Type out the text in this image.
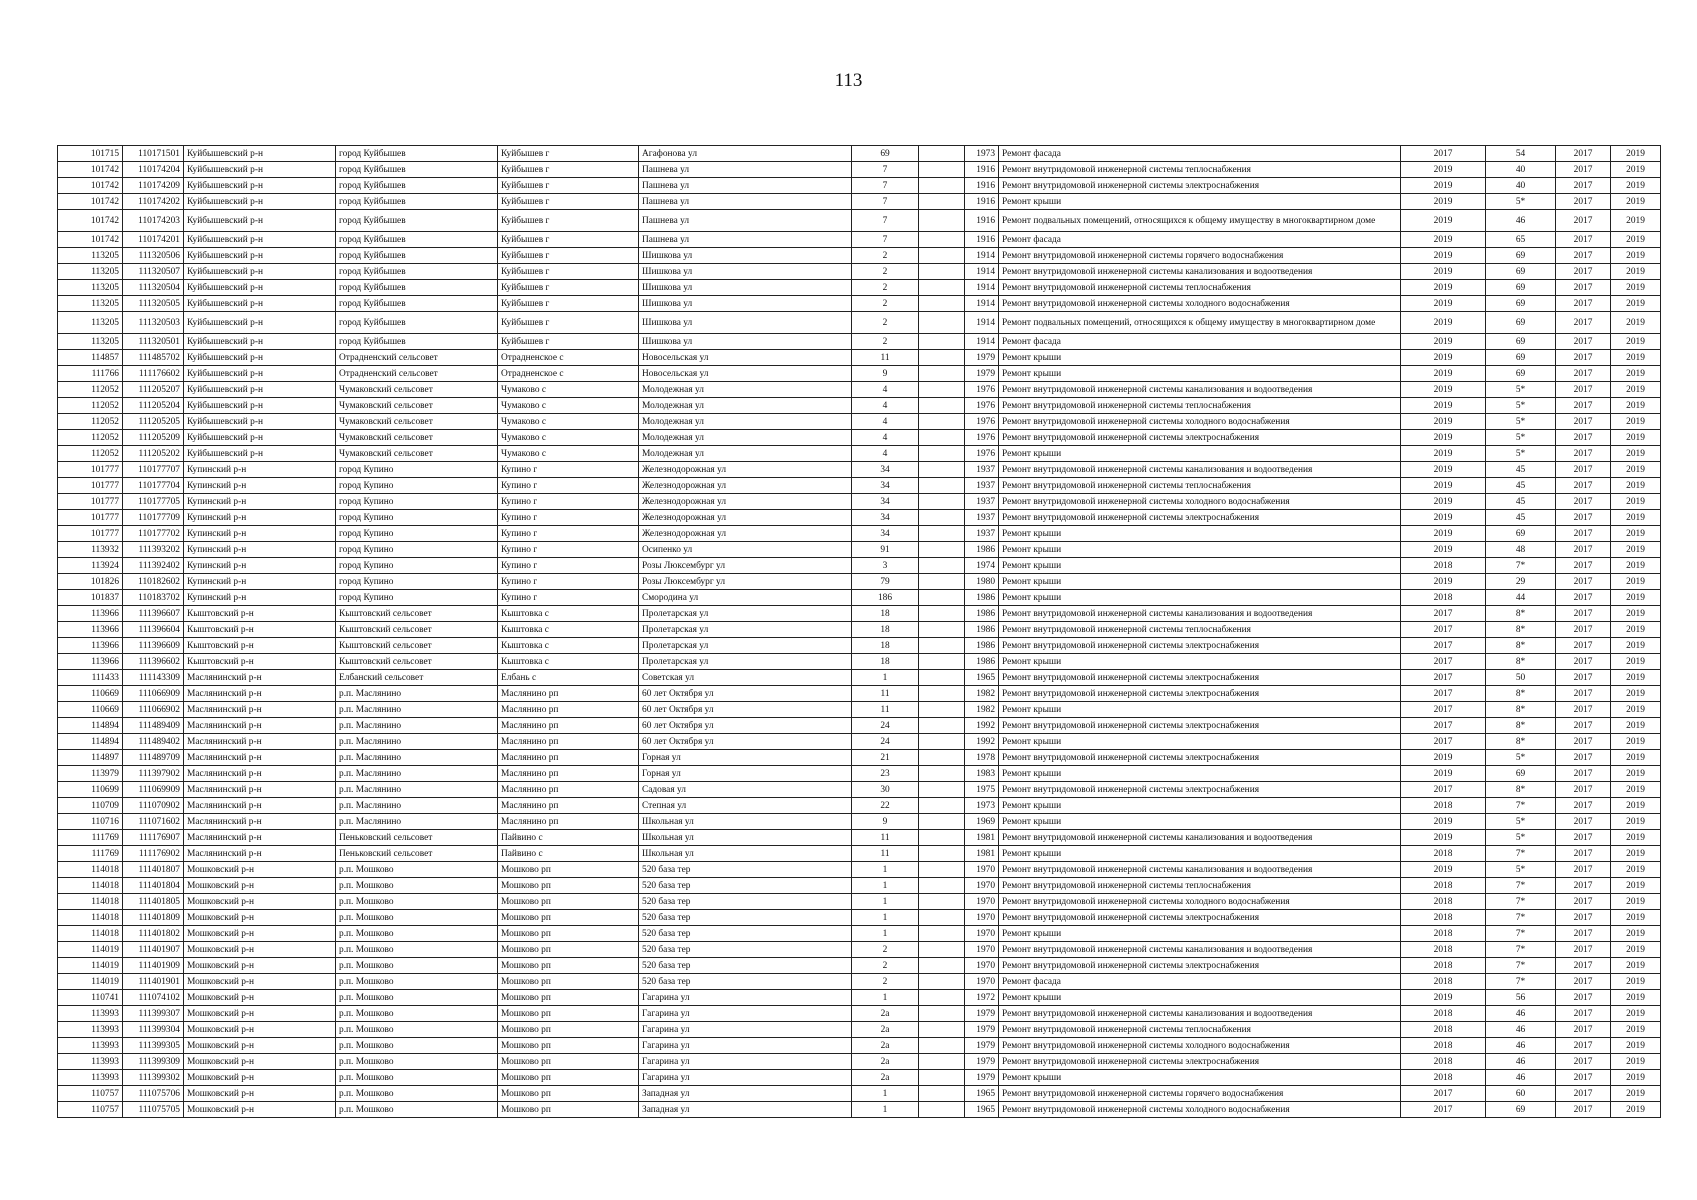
113
101715	110171501	Куйбышевский р-н	город Куйбышев	Куйбышев г	Агафонова ул	69		1973	Ремонт фасада	2017	54	2017	2019
101742	110174204	Куйбышевский р-н	город Куйбышев	Куйбышев г	Пашнева ул	7		1916	Ремонт внутридомовой инженерной системы теплоснабжения	2019	40	2017	2019
101742	110174209	Куйбышевский р-н	город Куйбышев	Куйбышев г	Пашнева ул	7		1916	Ремонт внутридомовой инженерной системы электроснабжения	2019	40	2017	2019
101742	110174202	Куйбышевский р-н	город Куйбышев	Куйбышев г	Пашнева ул	7		1916	Ремонт крыши	2019	5*	2017	2019
101742	110174203	Куйбышевский р-н	город Куйбышев	Куйбышев г	Пашнева ул	7		1916	Ремонт подвальных помещений, относящихся к общему имуществу в многоквартирном доме	2019	46	2017	2019
101742	110174201	Куйбышевский р-н	город Куйбышев	Куйбышев г	Пашнева ул	7		1916	Ремонт фасада	2019	65	2017	2019
113205	111320506	Куйбышевский р-н	город Куйбышев	Куйбышев г	Шишкова ул	2		1914	Ремонт внутридомовой инженерной системы горячего водоснабжения	2019	69	2017	2019
113205	111320507	Куйбышевский р-н	город Куйбышев	Куйбышев г	Шишкова ул	2		1914	Ремонт внутридомовой инженерной системы канализования и водоотведения	2019	69	2017	2019
113205	111320504	Куйбышевский р-н	город Куйбышев	Куйбышев г	Шишкова ул	2		1914	Ремонт внутридомовой инженерной системы теплоснабжения	2019	69	2017	2019
113205	111320505	Куйбышевский р-н	город Куйбышев	Куйбышев г	Шишкова ул	2		1914	Ремонт внутридомовой инженерной системы холодного водоснабжения	2019	69	2017	2019
113205	111320503	Куйбышевский р-н	город Куйбышев	Куйбышев г	Шишкова ул	2		1914	Ремонт подвальных помещений, относящихся к общему имуществу в многоквартирном доме	2019	69	2017	2019
113205	111320501	Куйбышевский р-н	город Куйбышев	Куйбышев г	Шишкова ул	2		1914	Ремонт фасада	2019	69	2017	2019
114857	111485702	Куйбышевский р-н	Отрадненский сельсовет	Отрадненское с	Новосельская ул	11		1979	Ремонт крыши	2019	69	2017	2019
111766	111176602	Куйбышевский р-н	Отрадненский сельсовет	Отрадненское с	Новосельская ул	9		1979	Ремонт крыши	2019	69	2017	2019
112052	111205207	Куйбышевский р-н	Чумаковский сельсовет	Чумаково с	Молодежная ул	4		1976	Ремонт внутридомовой инженерной системы канализования и водоотведения	2019	5*	2017	2019
112052	111205204	Куйбышевский р-н	Чумаковский сельсовет	Чумаково с	Молодежная ул	4		1976	Ремонт внутридомовой инженерной системы теплоснабжения	2019	5*	2017	2019
112052	111205205	Куйбышевский р-н	Чумаковский сельсовет	Чумаково с	Молодежная ул	4		1976	Ремонт внутридомовой инженерной системы холодного водоснабжения	2019	5*	2017	2019
112052	111205209	Куйбышевский р-н	Чумаковский сельсовет	Чумаково с	Молодежная ул	4		1976	Ремонт внутридомовой инженерной системы электроснабжения	2019	5*	2017	2019
112052	111205202	Куйбышевский р-н	Чумаковский сельсовет	Чумаково с	Молодежная ул	4		1976	Ремонт крыши	2019	5*	2017	2019
101777	110177707	Купинский р-н	город Купино	Купино г	Железнодорожная ул	34		1937	Ремонт внутридомовой инженерной системы канализования и водоотведения	2019	45	2017	2019
101777	110177704	Купинский р-н	город Купино	Купино г	Железнодорожная ул	34		1937	Ремонт внутридомовой инженерной системы теплоснабжения	2019	45	2017	2019
101777	110177705	Купинский р-н	город Купино	Купино г	Железнодорожная ул	34		1937	Ремонт внутридомовой инженерной системы холодного водоснабжения	2019	45	2017	2019
101777	110177709	Купинский р-н	город Купино	Купино г	Железнодорожная ул	34		1937	Ремонт внутридомовой инженерной системы электроснабжения	2019	45	2017	2019
101777	110177702	Купинский р-н	город Купино	Купино г	Железнодорожная ул	34		1937	Ремонт крыши	2019	69	2017	2019
113932	111393202	Купинский р-н	город Купино	Купино г	Осипенко ул	91		1986	Ремонт крыши	2019	48	2017	2019
113924	111392402	Купинский р-н	город Купино	Купино г	Розы Люксембург ул	3		1974	Ремонт крыши	2018	7*	2017	2019
101826	110182602	Купинский р-н	город Купино	Купино г	Розы Люксембург ул	79		1980	Ремонт крыши	2019	29	2017	2019
101837	110183702	Купинский р-н	город Купино	Купино г	Смородина ул	186		1986	Ремонт крыши	2018	44	2017	2019
113966	111396607	Кыштовский р-н	Кыштовский сельсовет	Кыштовка с	Пролетарская ул	18		1986	Ремонт внутридомовой инженерной системы канализования и водоотведения	2017	8*	2017	2019
113966	111396604	Кыштовский р-н	Кыштовский сельсовет	Кыштовка с	Пролетарская ул	18		1986	Ремонт внутридомовой инженерной системы теплоснабжения	2017	8*	2017	2019
113966	111396609	Кыштовский р-н	Кыштовский сельсовет	Кыштовка с	Пролетарская ул	18		1986	Ремонт внутридомовой инженерной системы электроснабжения	2017	8*	2017	2019
113966	111396602	Кыштовский р-н	Кыштовский сельсовет	Кыштовка с	Пролетарская ул	18		1986	Ремонт крыши	2017	8*	2017	2019
111433	111143309	Маслянинский р-н	Елбанский сельсовет	Елбань с	Советская ул	1		1965	Ремонт внутридомовой инженерной системы электроснабжения	2017	50	2017	2019
110669	111066909	Маслянинский р-н	р.п. Маслянино	Маслянино рп	60 лет Октября ул	11		1982	Ремонт внутридомовой инженерной системы электроснабжения	2017	8*	2017	2019
110669	111066902	Маслянинский р-н	р.п. Маслянино	Маслянино рп	60 лет Октября ул	11		1982	Ремонт крыши	2017	8*	2017	2019
114894	111489409	Маслянинский р-н	р.п. Маслянино	Маслянино рп	60 лет Октября ул	24		1992	Ремонт внутридомовой инженерной системы электроснабжения	2017	8*	2017	2019
114894	111489402	Маслянинский р-н	р.п. Маслянино	Маслянино рп	60 лет Октября ул	24		1992	Ремонт крыши	2017	8*	2017	2019
114897	111489709	Маслянинский р-н	р.п. Маслянино	Маслянино рп	Горная ул	21		1978	Ремонт внутридомовой инженерной системы электроснабжения	2019	5*	2017	2019
113979	111397902	Маслянинский р-н	р.п. Маслянино	Маслянино рп	Горная ул	23		1983	Ремонт крыши	2019	69	2017	2019
110699	111069909	Маслянинский р-н	р.п. Маслянино	Маслянино рп	Садовая ул	30		1975	Ремонт внутридомовой инженерной системы электроснабжения	2017	8*	2017	2019
110709	111070902	Маслянинский р-н	р.п. Маслянино	Маслянино рп	Степная ул	22		1973	Ремонт крыши	2018	7*	2017	2019
110716	111071602	Маслянинский р-н	р.п. Маслянино	Маслянино рп	Школьная ул	9		1969	Ремонт крыши	2019	5*	2017	2019
111769	111176907	Маслянинский р-н	Пеньковский сельсовет	Пайвино с	Школьная ул	11		1981	Ремонт внутридомовой инженерной системы канализования и водоотведения	2019	5*	2017	2019
111769	111176902	Маслянинский р-н	Пеньковский сельсовет	Пайвино с	Школьная ул	11		1981	Ремонт крыши	2018	7*	2017	2019
114018	111401807	Мошковский р-н	р.п. Мошково	Мошково рп	520 база тер	1		1970	Ремонт внутридомовой инженерной системы канализования и водоотведения	2019	5*	2017	2019
114018	111401804	Мошковский р-н	р.п. Мошково	Мошково рп	520 база тер	1		1970	Ремонт внутридомовой инженерной системы теплоснабжения	2018	7*	2017	2019
114018	111401805	Мошковский р-н	р.п. Мошково	Мошково рп	520 база тер	1		1970	Ремонт внутридомовой инженерной системы холодного водоснабжения	2018	7*	2017	2019
114018	111401809	Мошковский р-н	р.п. Мошково	Мошково рп	520 база тер	1		1970	Ремонт внутридомовой инженерной системы электроснабжения	2018	7*	2017	2019
114018	111401802	Мошковский р-н	р.п. Мошково	Мошково рп	520 база тер	1		1970	Ремонт крыши	2018	7*	2017	2019
114019	111401907	Мошковский р-н	р.п. Мошково	Мошково рп	520 база тер	2		1970	Ремонт внутридомовой инженерной системы канализования и водоотведения	2018	7*	2017	2019
114019	111401909	Мошковский р-н	р.п. Мошково	Мошково рп	520 база тер	2		1970	Ремонт внутридомовой инженерной системы электроснабжения	2018	7*	2017	2019
114019	111401901	Мошковский р-н	р.п. Мошково	Мошково рп	520 база тер	2		1970	Ремонт фасада	2018	7*	2017	2019
110741	111074102	Мошковский р-н	р.п. Мошково	Мошково рп	Гагарина ул	1		1972	Ремонт крыши	2019	56	2017	2019
113993	111399307	Мошковский р-н	р.п. Мошково	Мошково рп	Гагарина ул	2а		1979	Ремонт внутридомовой инженерной системы канализования и водоотведения	2018	46	2017	2019
113993	111399304	Мошковский р-н	р.п. Мошково	Мошково рп	Гагарина ул	2а		1979	Ремонт внутридомовой инженерной системы теплоснабжения	2018	46	2017	2019
113993	111399305	Мошковский р-н	р.п. Мошково	Мошково рп	Гагарина ул	2а		1979	Ремонт внутридомовой инженерной системы холодного водоснабжения	2018	46	2017	2019
113993	111399309	Мошковский р-н	р.п. Мошково	Мошково рп	Гагарина ул	2а		1979	Ремонт внутридомовой инженерной системы электроснабжения	2018	46	2017	2019
113993	111399302	Мошковский р-н	р.п. Мошково	Мошково рп	Гагарина ул	2а		1979	Ремонт крыши	2018	46	2017	2019
110757	111075706	Мошковский р-н	р.п. Мошково	Мошково рп	Западная ул	1		1965	Ремонт внутридомовой инженерной системы горячего водоснабжения	2017	60	2017	2019
110757	111075705	Мошковский р-н	р.п. Мошково	Мошково рп	Западная ул	1		1965	Ремонт внутридомовой инженерной системы холодного водоснабжения	2017	69	2017	2019
